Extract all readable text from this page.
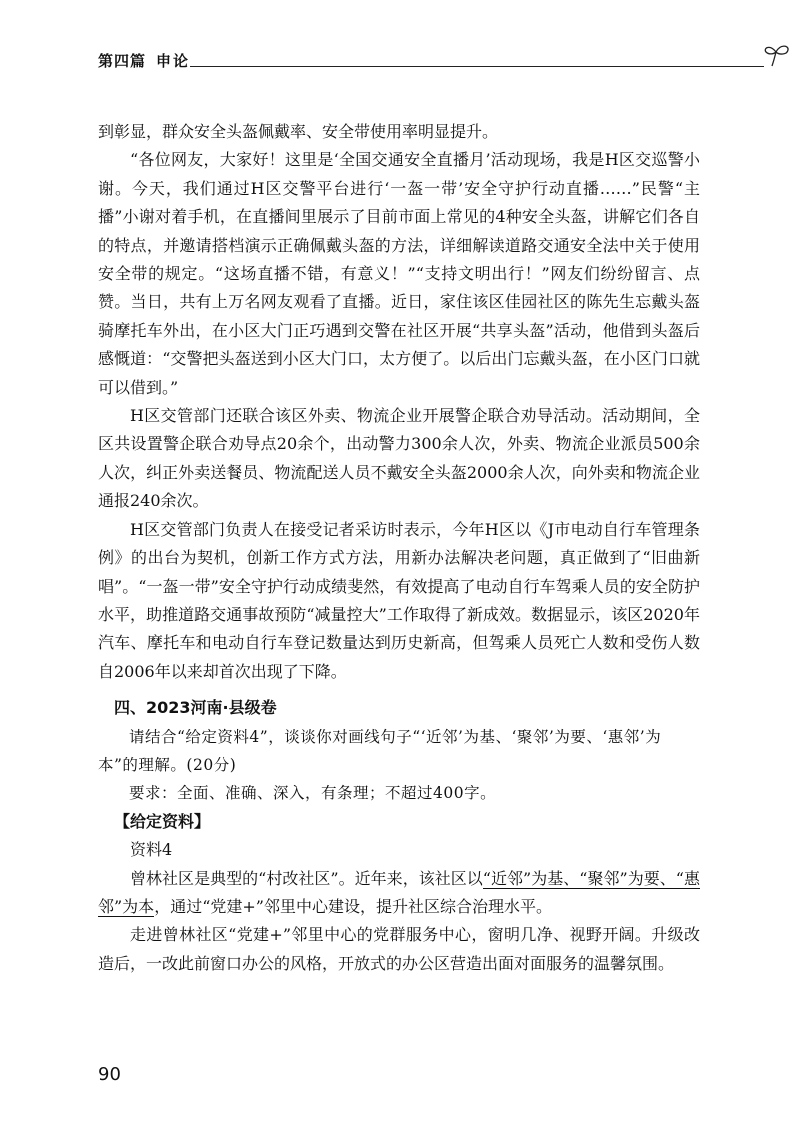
第四篇 申论

到彰显，群众安全头盔佩戴率、安全带使用率明显提升。

“各位网友，大家好！这里是‘全国交通安全直播月’活动现场，我是H区交巡警小谢。今天，我们通过H区交警平台进行‘一盔一带’安全守护行动直播……”民警“主播”小谢对着手机，在直播间里展示了目前市面上常见的4种安全头盔，讲解它们各自的特点，并邀请搭档演示正确佩戴头盔的方法，详细解读道路交通安全法中关于使用安全带的规定。“这场直播不错，有意义！”“支持文明出行！”网友们纷纷留言、点赞。当日，共有上万名网友观看了直播。近日，家住该区佳园社区的陈先生忘戴头盔骑摩托车外出，在小区大门正巧遇到交警在社区开展“共享头盔”活动，他借到头盔后感慨道：“交警把头盔送到小区大门口，太方便了。以后出门忘戴头盔，在小区门口就可以借到。”

H区交管部门还联合该区外卖、物流企业开展警企联合劝导活动。活动期间，全区共设置警企联合劝导点20余个，出动警力300余人次，外卖、物流企业派员500余人次，纠正外卖送餐员、物流配送人员不戴安全头盔2000余人次，向外卖和物流企业通报240余次。

H区交管部门负责人在接受记者采访时表示，今年H区以《J市电动自行车管理条例》的出台为契机，创新工作方式方法，用新办法解决老问题，真正做到了“旧曲新唱”。“一盔一带”安全守护行动成绩斐然，有效提高了电动自行车驾乘人员的安全防护水平，助推道路交通事故预防“减量控大”工作取得了新成效。数据显示，该区2020年汽车、摩托车和电动自行车登记数量达到历史新高，但驾乘人员死亡人数和受伤人数自2006年以来却首次出现了下降。

四、2023河南·县级卷

请结合“给定资料4”，谈谈你对画线句子“‘近邻’为基、‘聚邻’为要、‘惠邻’为本”的理解。(20分)

要求：全面、准确、深入，有条理；不超过400字。

【给定资料】

资料4

曾林社区是典型的“村改社区”。近年来，该社区以“近邻”为基、“聚邻”为要、“惠邻”为本，通过“党建+”邻里中心建设，提升社区综合治理水平。

走进曾林社区“党建+”邻里中心的党群服务中心，窗明几净、视野开阔。升级改造后，一改此前窗口办公的风格，开放式的办公区营造出面对面服务的温馨氛围。

90
